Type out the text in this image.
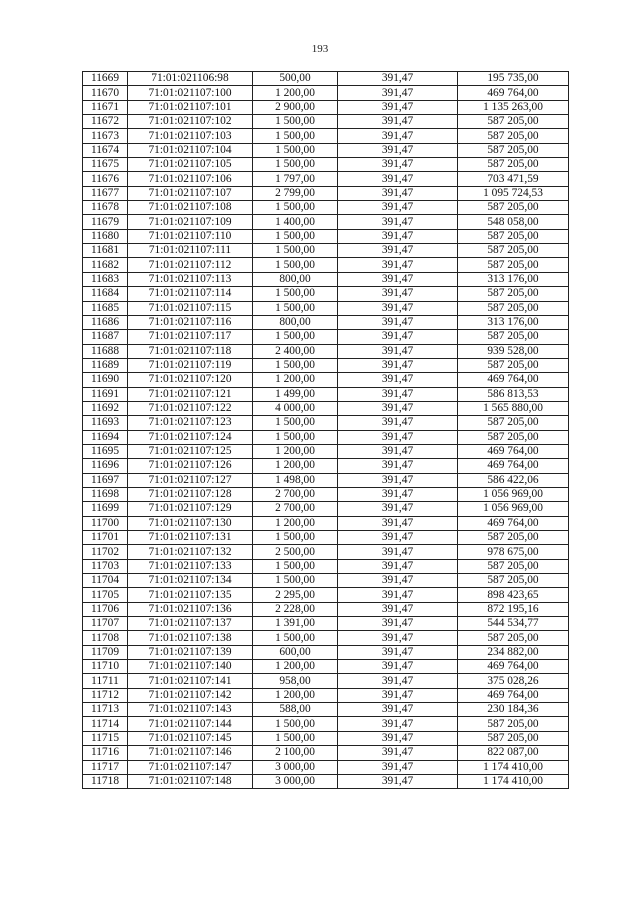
193
11669	71:01:021106:98	500,00	391,47	195 735,00
11670	71:01:021107:100	1 200,00	391,47	469 764,00
11671	71:01:021107:101	2 900,00	391,47	1 135 263,00
11672	71:01:021107:102	1 500,00	391,47	587 205,00
11673	71:01:021107:103	1 500,00	391,47	587 205,00
11674	71:01:021107:104	1 500,00	391,47	587 205,00
11675	71:01:021107:105	1 500,00	391,47	587 205,00
11676	71:01:021107:106	1 797,00	391,47	703 471,59
11677	71:01:021107:107	2 799,00	391,47	1 095 724,53
11678	71:01:021107:108	1 500,00	391,47	587 205,00
11679	71:01:021107:109	1 400,00	391,47	548 058,00
11680	71:01:021107:110	1 500,00	391,47	587 205,00
11681	71:01:021107:111	1 500,00	391,47	587 205,00
11682	71:01:021107:112	1 500,00	391,47	587 205,00
11683	71:01:021107:113	800,00	391,47	313 176,00
11684	71:01:021107:114	1 500,00	391,47	587 205,00
11685	71:01:021107:115	1 500,00	391,47	587 205,00
11686	71:01:021107:116	800,00	391,47	313 176,00
11687	71:01:021107:117	1 500,00	391,47	587 205,00
11688	71:01:021107:118	2 400,00	391,47	939 528,00
11689	71:01:021107:119	1 500,00	391,47	587 205,00
11690	71:01:021107:120	1 200,00	391,47	469 764,00
11691	71:01:021107:121	1 499,00	391,47	586 813,53
11692	71:01:021107:122	4 000,00	391,47	1 565 880,00
11693	71:01:021107:123	1 500,00	391,47	587 205,00
11694	71:01:021107:124	1 500,00	391,47	587 205,00
11695	71:01:021107:125	1 200,00	391,47	469 764,00
11696	71:01:021107:126	1 200,00	391,47	469 764,00
11697	71:01:021107:127	1 498,00	391,47	586 422,06
11698	71:01:021107:128	2 700,00	391,47	1 056 969,00
11699	71:01:021107:129	2 700,00	391,47	1 056 969,00
11700	71:01:021107:130	1 200,00	391,47	469 764,00
11701	71:01:021107:131	1 500,00	391,47	587 205,00
11702	71:01:021107:132	2 500,00	391,47	978 675,00
11703	71:01:021107:133	1 500,00	391,47	587 205,00
11704	71:01:021107:134	1 500,00	391,47	587 205,00
11705	71:01:021107:135	2 295,00	391,47	898 423,65
11706	71:01:021107:136	2 228,00	391,47	872 195,16
11707	71:01:021107:137	1 391,00	391,47	544 534,77
11708	71:01:021107:138	1 500,00	391,47	587 205,00
11709	71:01:021107:139	600,00	391,47	234 882,00
11710	71:01:021107:140	1 200,00	391,47	469 764,00
11711	71:01:021107:141	958,00	391,47	375 028,26
11712	71:01:021107:142	1 200,00	391,47	469 764,00
11713	71:01:021107:143	588,00	391,47	230 184,36
11714	71:01:021107:144	1 500,00	391,47	587 205,00
11715	71:01:021107:145	1 500,00	391,47	587 205,00
11716	71:01:021107:146	2 100,00	391,47	822 087,00
11717	71:01:021107:147	3 000,00	391,47	1 174 410,00
11718	71:01:021107:148	3 000,00	391,47	1 174 410,00
